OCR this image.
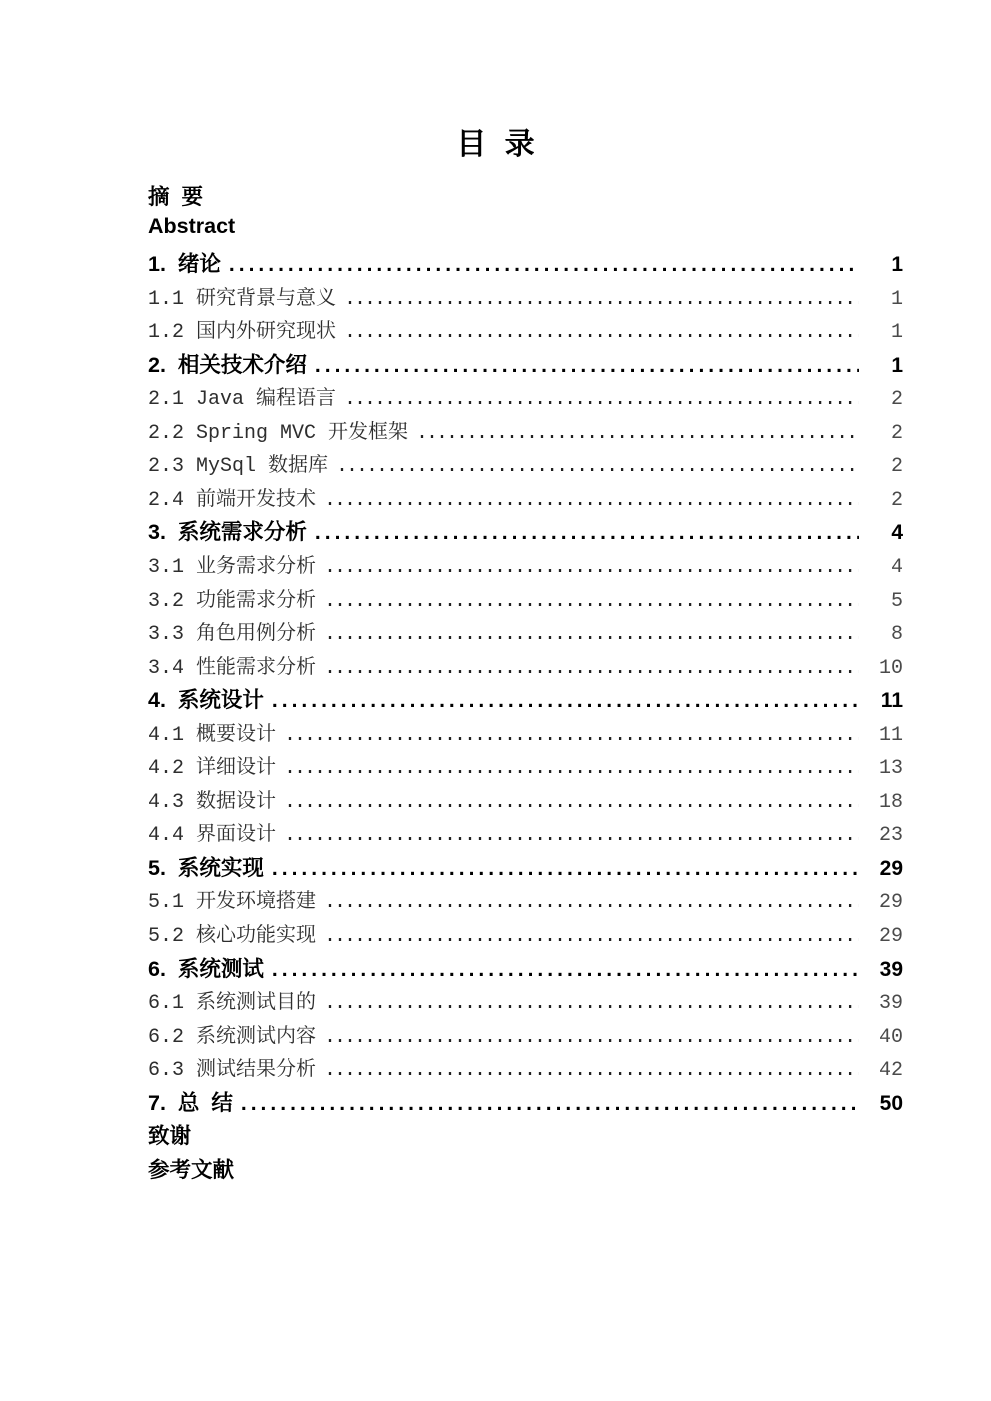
目 录
摘 要
Abstract
1. 绪论 .....	1
1.1 研究背景与意义 .....	1
1.2 国内外研究现状 .....	1
2. 相关技术介绍 .....	1
2.1 Java 编程语言 .....	2
2.2 Spring MVC 开发框架 .....	2
2.3 MySql 数据库 .....	2
2.4 前端开发技术 .....	2
3. 系统需求分析 .....	4
3.1 业务需求分析 .....	4
3.2 功能需求分析 .....	5
3.3 角色用例分析 .....	8
3.4 性能需求分析 .....	10
4. 系统设计 .....	11
4.1 概要设计 .....	11
4.2 详细设计 .....	13
4.3 数据设计 .....	18
4.4 界面设计 .....	23
5. 系统实现 .....	29
5.1 开发环境搭建 .....	29
5.2 核心功能实现 .....	29
6. 系统测试 .....	39
6.1 系统测试目的 .....	39
6.2 系统测试内容 .....	40
6.3 测试结果分析 .....	42
7. 总 结 .....	50
致谢
参考文献
